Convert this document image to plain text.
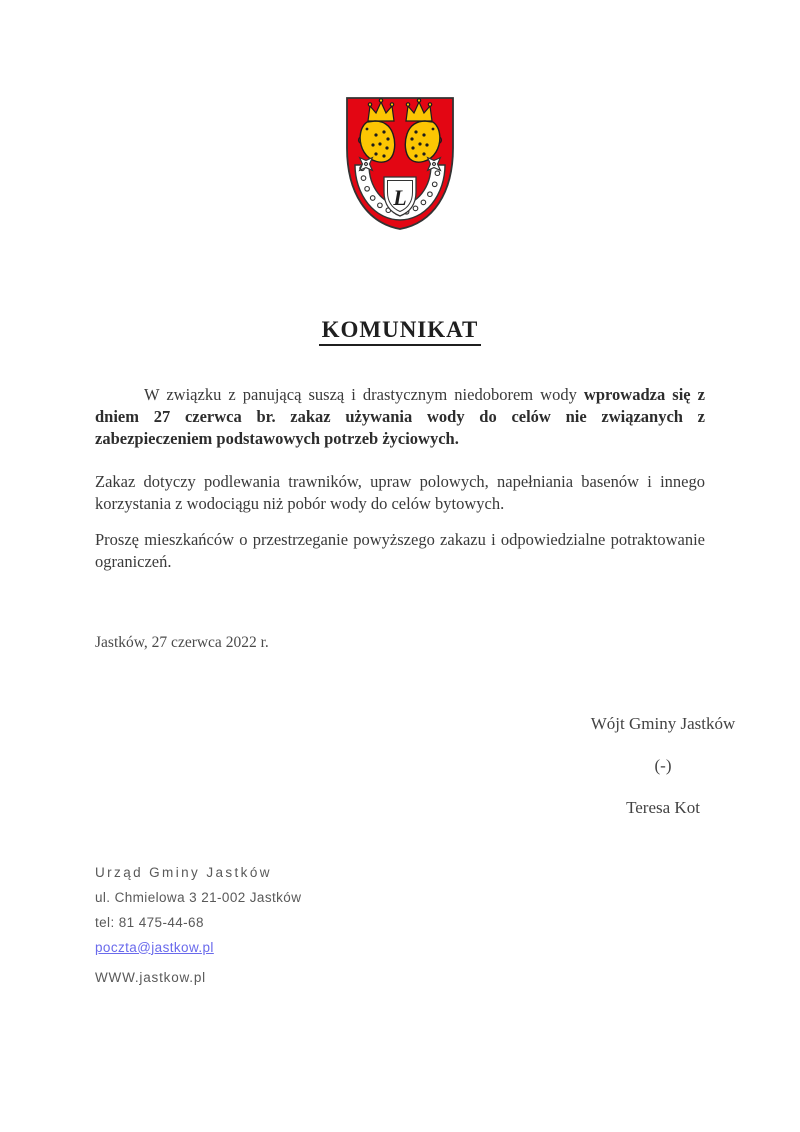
L
KOMUNIKAT

W związku z panującą suszą i drastycznym niedoborem wody wprowadza się z dniem 27 czerwca br. zakaz używania wody do celów nie związanych z zabezpieczeniem podstawowych potrzeb życiowych.

Zakaz dotyczy podlewania trawników, upraw polowych, napełniania basenów i innego korzystania z wodociągu niż pobór wody do celów bytowych.

Proszę mieszkańców o przestrzeganie powyższego zakazu i odpowiedzialne potraktowanie ograniczeń.

Jastków, 27 czerwca 2022 r.

Wójt Gminy Jastków

(-)

Teresa Kot

Urząd Gminy Jastków

ul. Chmielowa 3 21-002 Jastków

tel: 81 475-44-68

poczta@jastkow.pl

WWW.jastkow.pl
